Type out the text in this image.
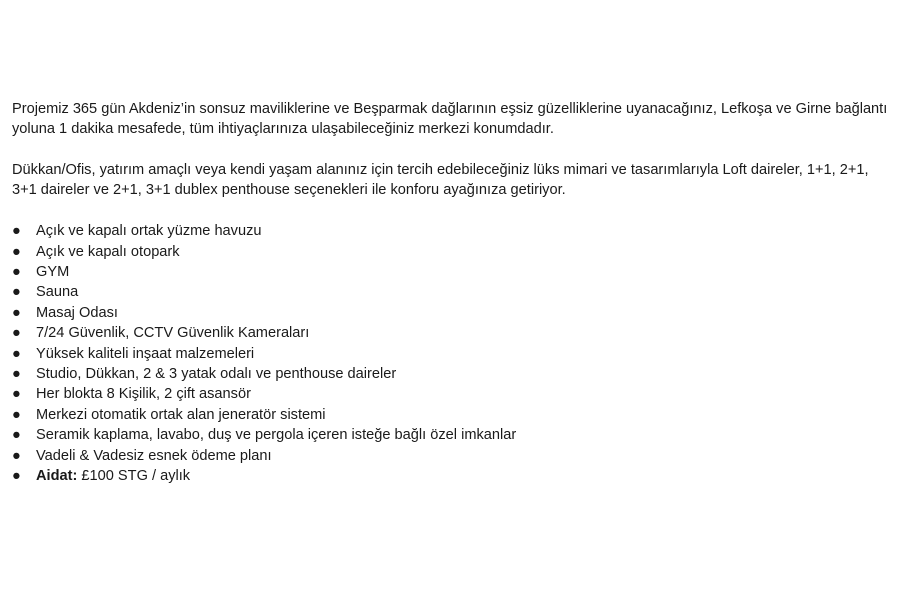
Projemiz 365 gün Akdeniz’in sonsuz maviliklerine ve Beşparmak dağlarının eşsiz güzelliklerine uyanacağınız, Lefkoşa ve Girne bağlantı yoluna 1 dakika mesafede, tüm ihtiyaçlarınıza ulaşabileceğiniz merkezi konumdadır.

Dükkan/Ofis, yatırım amaçlı veya kendi yaşam alanınız için tercih edebileceğiniz lüks mimari ve tasarımlarıyla Loft daireler, 1+1, 2+1, 3+1 daireler ve 2+1, 3+1 dublex penthouse seçenekleri ile konforu ayağınıza getiriyor.

●	Açık ve kapalı ortak yüzme havuzu
●	Açık ve kapalı otopark
●	GYM
●	Sauna
●	Masaj Odası
●	7/24 Güvenlik, CCTV Güvenlik Kameraları
●	Yüksek kaliteli inşaat malzemeleri
●	Studio, Dükkan, 2 & 3 yatak odalı ve penthouse daireler
●	Her blokta 8 Kişilik, 2 çift asansör
●	Merkezi otomatik ortak alan jeneratör sistemi
●	Seramik kaplama, lavabo, duş ve pergola içeren isteğe bağlı özel imkanlar
●	Vadeli & Vadesiz esnek ödeme planı
●	Aidat: £100 STG / aylık
